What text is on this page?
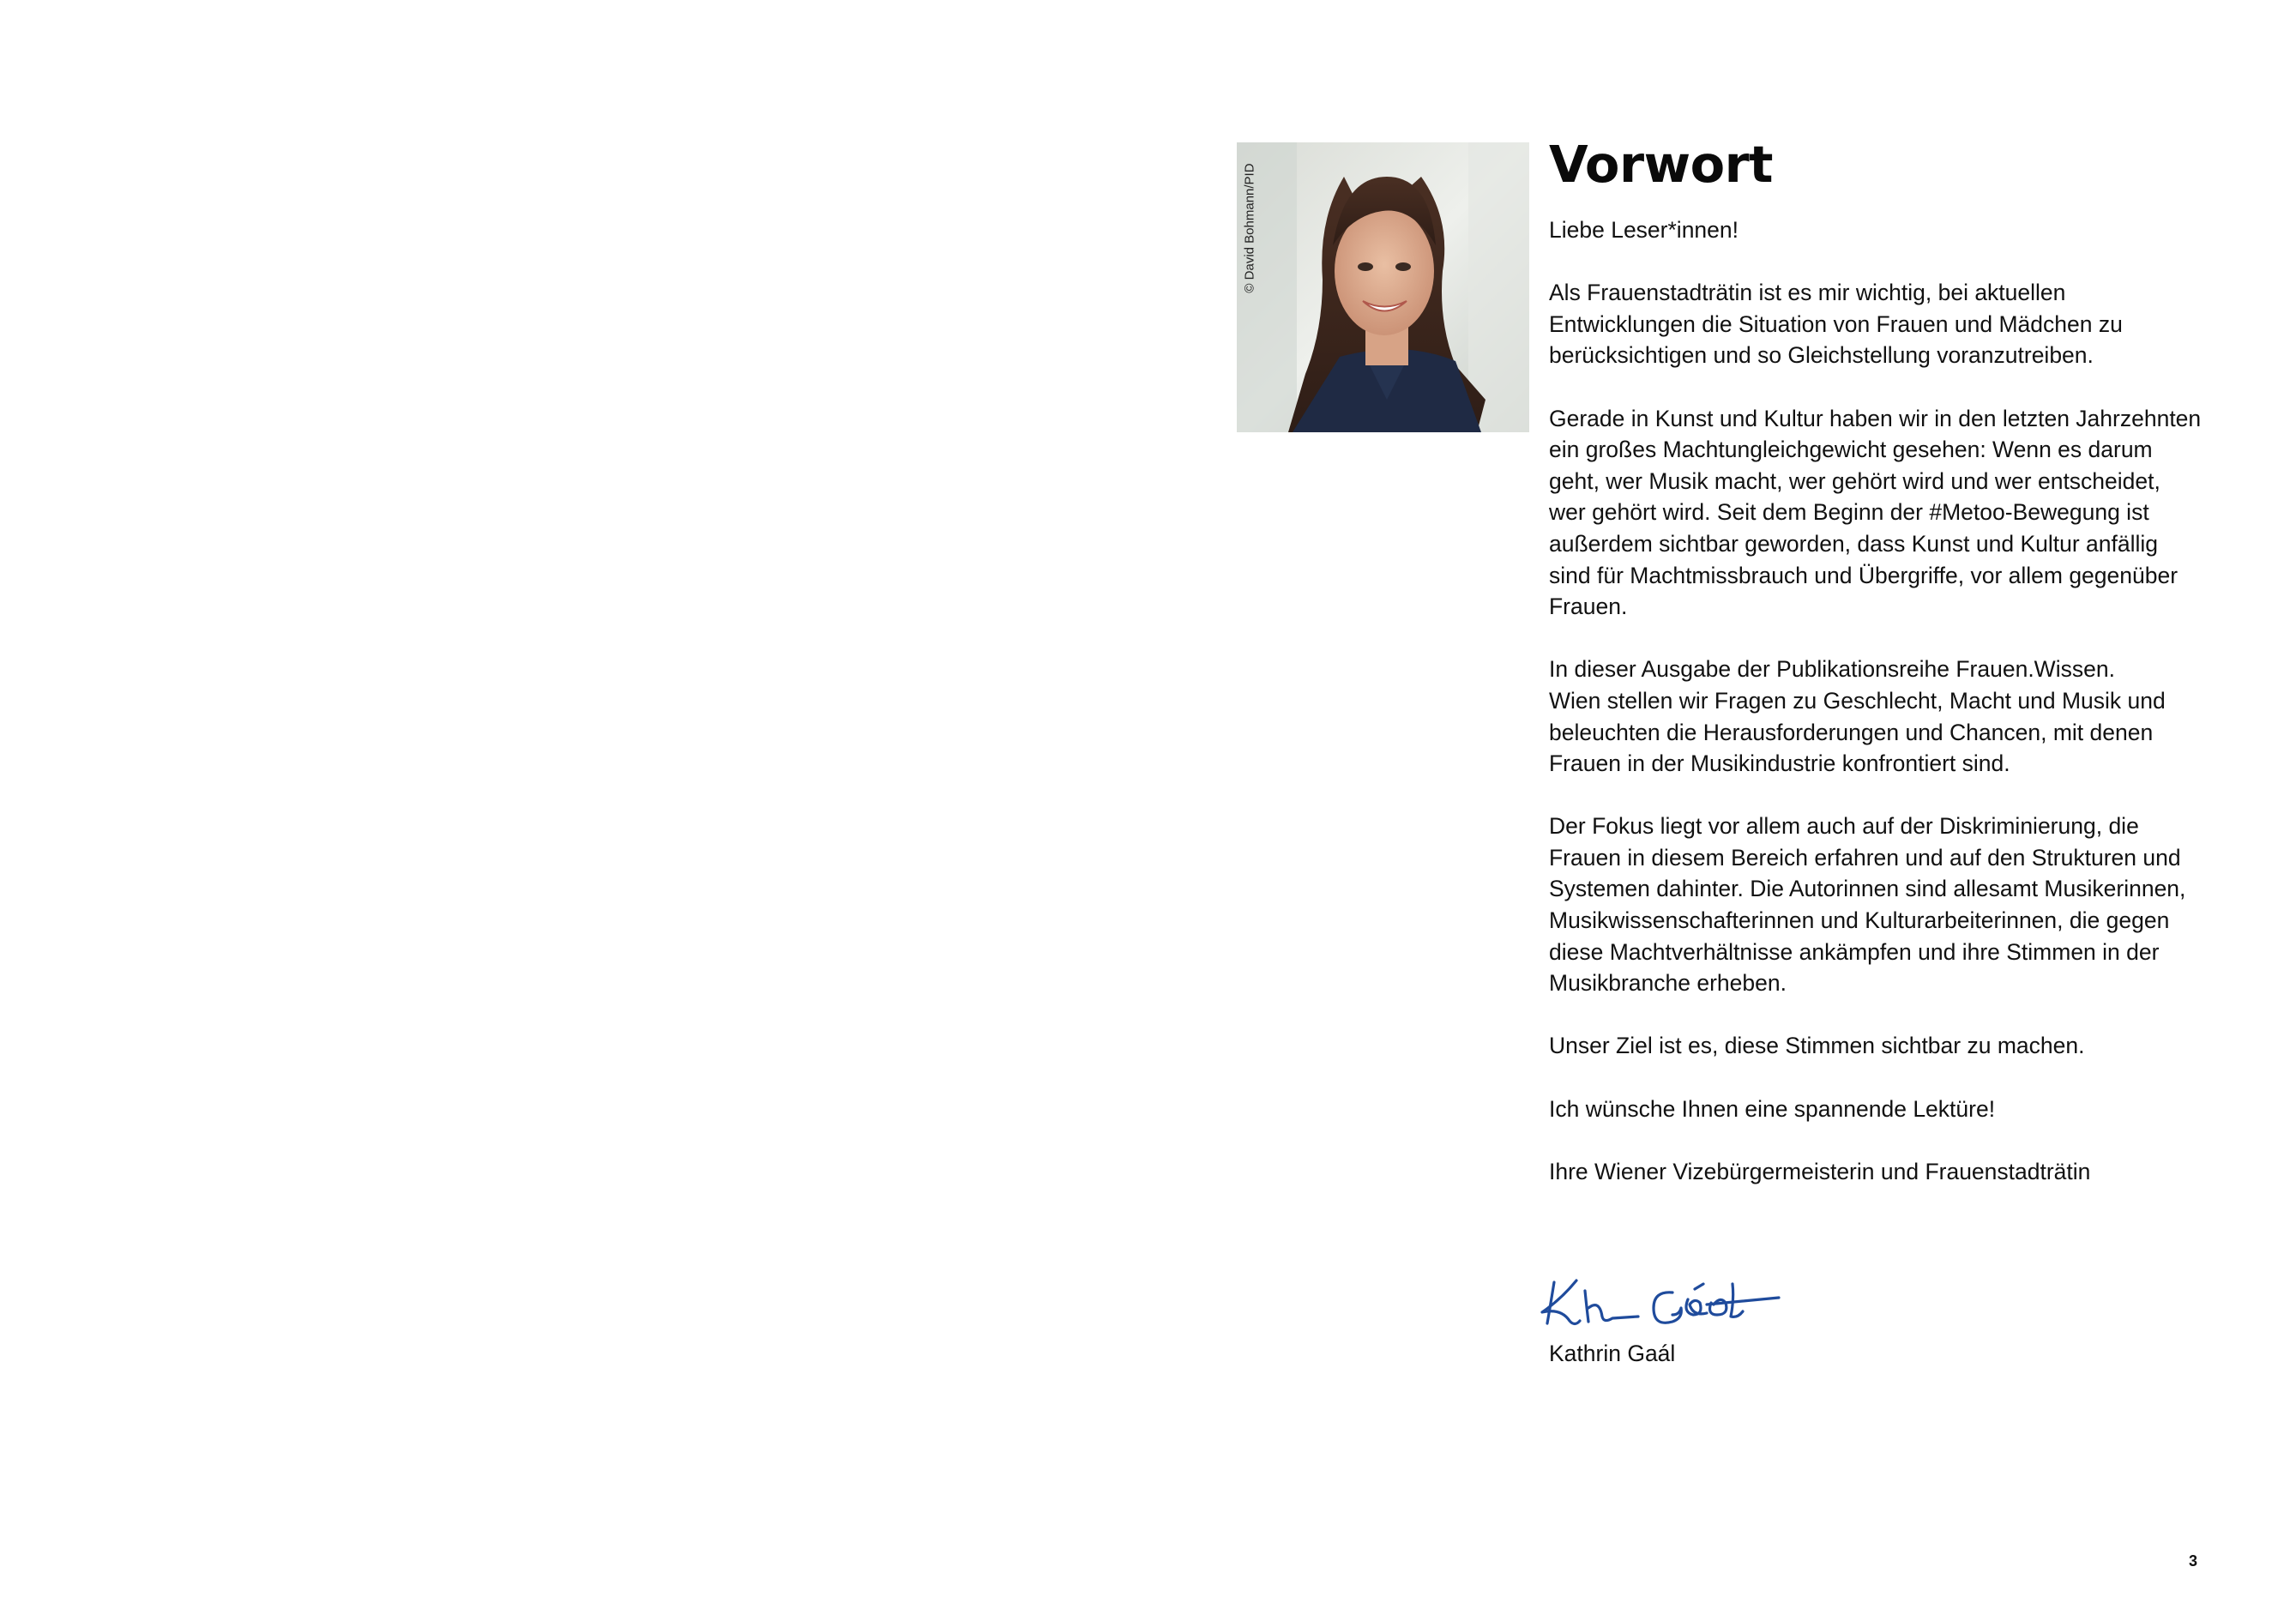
© David Bohmann/PID	Vorwort

Liebe Leser*innen!

Als Frauenstadträtin ist es mir wichtig, bei aktuellen
Entwicklungen die Situation von Frauen und Mädchen zu
berücksichtigen und so Gleichstellung voranzutreiben.

Gerade in Kunst und Kultur haben wir in den letzten Jahrzehnten
ein großes Machtungleichgewicht gesehen: Wenn es darum
geht, wer Musik macht, wer gehört wird und wer entscheidet,
wer gehört wird. Seit dem Beginn der #Metoo-Bewegung ist
außerdem sichtbar geworden, dass Kunst und Kultur anfällig
sind für Machtmissbrauch und Übergriffe, vor allem gegenüber
Frauen.

In dieser Ausgabe der Publikationsreihe Frauen.Wissen.
Wien stellen wir Fragen zu Geschlecht, Macht und Musik und
beleuchten die Herausforderungen und Chancen, mit denen
Frauen in der Musikindustrie konfrontiert sind.

Der Fokus liegt vor allem auch auf der Diskriminierung, die
Frauen in diesem Bereich erfahren und auf den Strukturen und
Systemen dahinter. Die Autorinnen sind allesamt Musikerinnen,
Musikwissenschafterinnen und Kulturarbeiterinnen, die gegen
diese Machtverhältnisse ankämpfen und ihre Stimmen in der
Musikbranche erheben.

Unser Ziel ist es, diese Stimmen sichtbar zu machen.

Ich wünsche Ihnen eine spannende Lektüre!

Ihre Wiener Vizebürgermeisterin und Frauenstadträtin

Kathrin Gaál
3
